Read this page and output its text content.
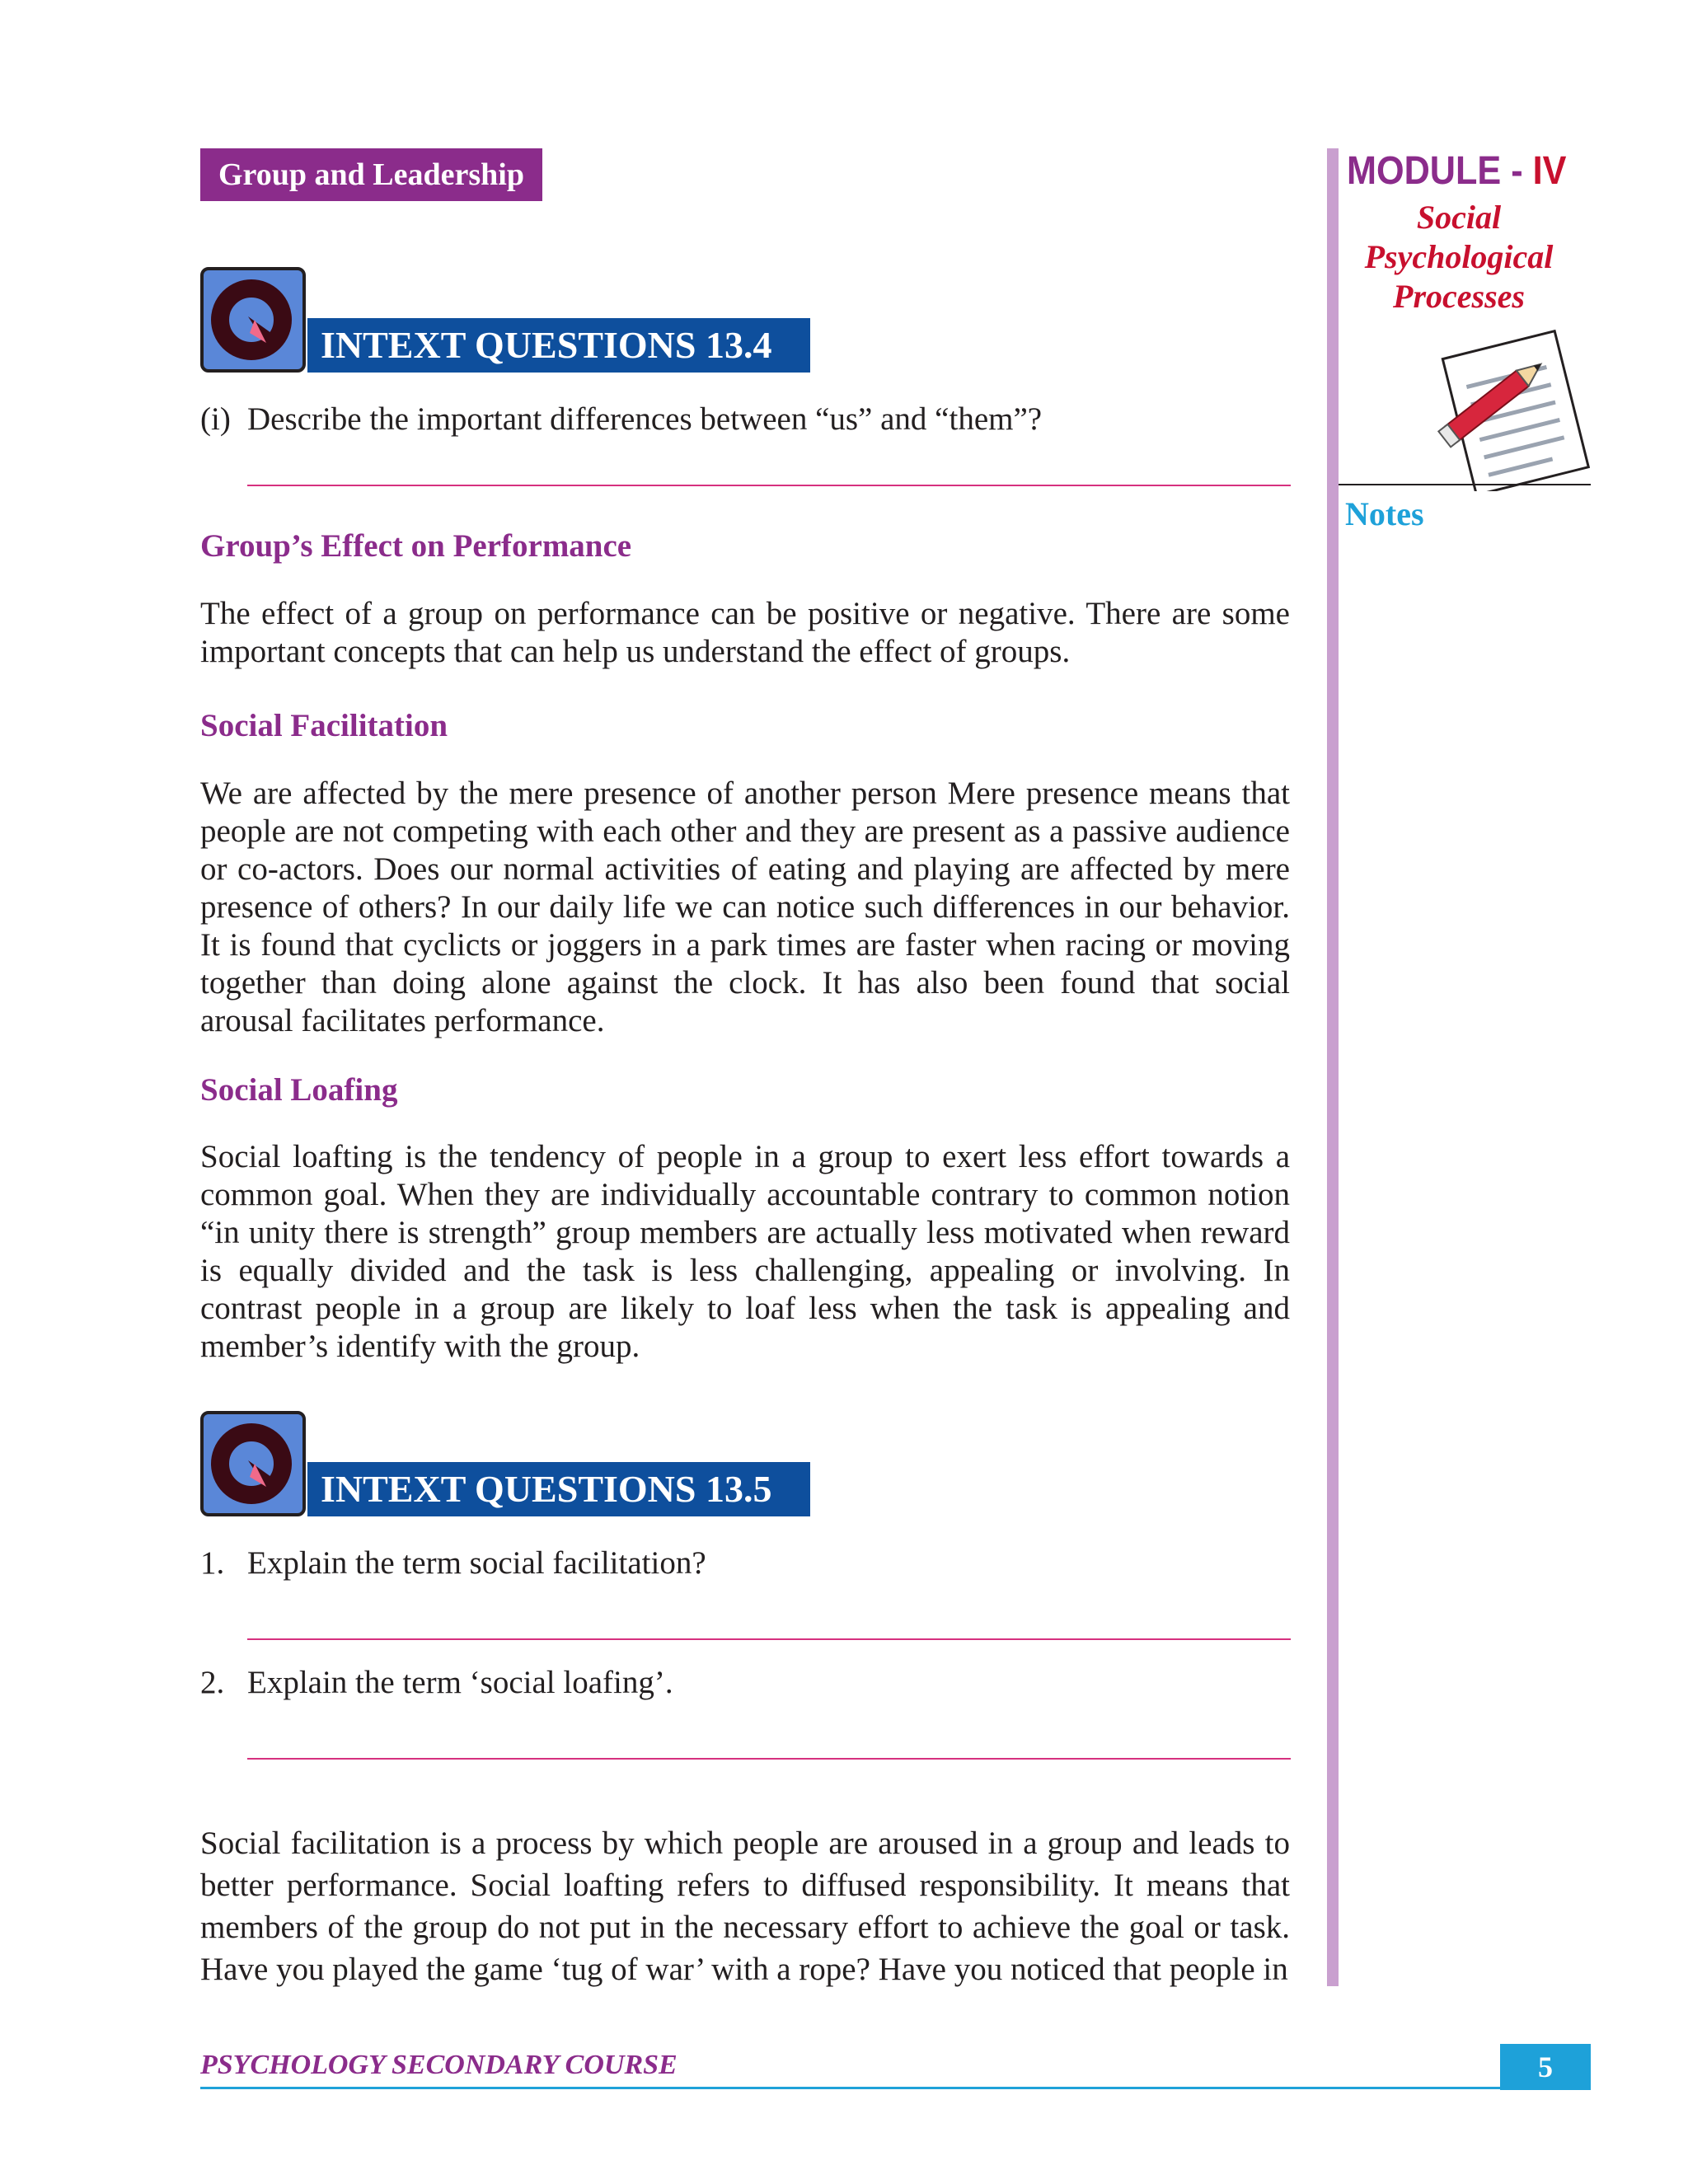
Group and Leadership	MODULE - IV
Social
Psychological
Processes
Notes
INTEXT QUESTIONS 13.4
(i) Describe the important differences between “us” and “them”?
Group’s Effect on Performance
The effect of a group on performance can be positive or negative. There are some important concepts that can help us understand the effect of groups.
Social Facilitation
We are affected by the mere presence of another person Mere presence means that people are not competing with each other and they are present as a passive audience or co-actors. Does our normal activities of eating and playing are affected by mere presence of others? In our daily life we can notice such differences in our behavior. It is found that cyclicts or joggers in a park times are faster when racing or moving together than doing alone against the clock. It has also been found that social arousal facilitates performance.
Social Loafing
Social loafting is the tendency of people in a group to exert less effort towards a common goal. When they are individually accountable contrary to common notion “in unity there is strength” group members are actually less motivated when reward is equally divided and the task is less challenging, appealing or involving. In contrast people in a group are likely to loaf less when the task is appealing and member’s identify with the group.
INTEXT QUESTIONS 13.5
1. Explain the term social facilitation?
2. Explain the term ‘social loafing’.
Social facilitation is a process by which people are aroused in a group and leads to better performance. Social loafting refers to diffused responsibility. It means that members of the group do not put in the necessary effort to achieve the goal or task. Have you played the game ‘tug of war’ with a rope? Have you noticed that people in
PSYCHOLOGY SECONDARY COURSE	5
